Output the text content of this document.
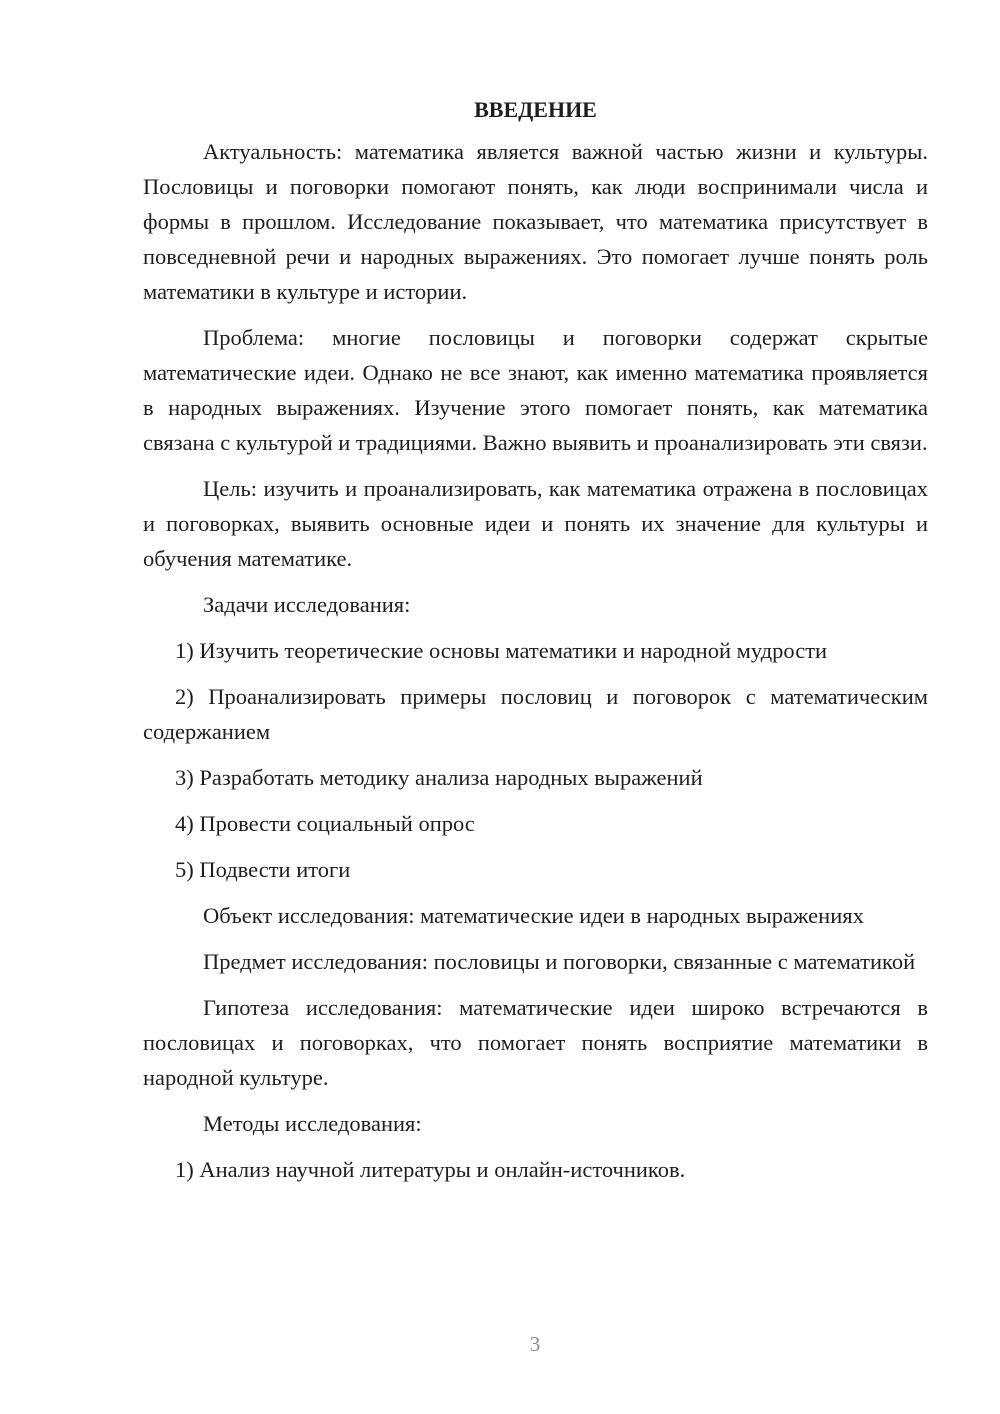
ВВЕДЕНИЕ

Актуальность: математика является важной частью жизни и культуры. Пословицы и поговорки помогают понять, как люди воспринимали числа и формы в прошлом. Исследование показывает, что математика присутствует в повседневной речи и народных выражениях. Это помогает лучше понять роль математики в культуре и истории.

Проблема: многие пословицы и поговорки содержат скрытые математические идеи. Однако не все знают, как именно математика проявляется в народных выражениях. Изучение этого помогает понять, как математика связана с культурой и традициями. Важно выявить и проанализировать эти связи.

Цель: изучить и проанализировать, как математика отражена в пословицах и поговорках, выявить основные идеи и понять их значение для культуры и обучения математике.

Задачи исследования:

1) Изучить теоретические основы математики и народной мудрости

2) Проанализировать примеры пословиц и поговорок с математическим содержанием

3) Разработать методику анализа народных выражений

4) Провести социальный опрос

5) Подвести итоги

Объект исследования: математические идеи в народных выражениях

Предмет исследования: пословицы и поговорки, связанные с математикой

Гипотеза исследования: математические идеи широко встречаются в пословицах и поговорках, что помогает понять восприятие математики в народной культуре.

Методы исследования:

1) Анализ научной литературы и онлайн-источников.

3
